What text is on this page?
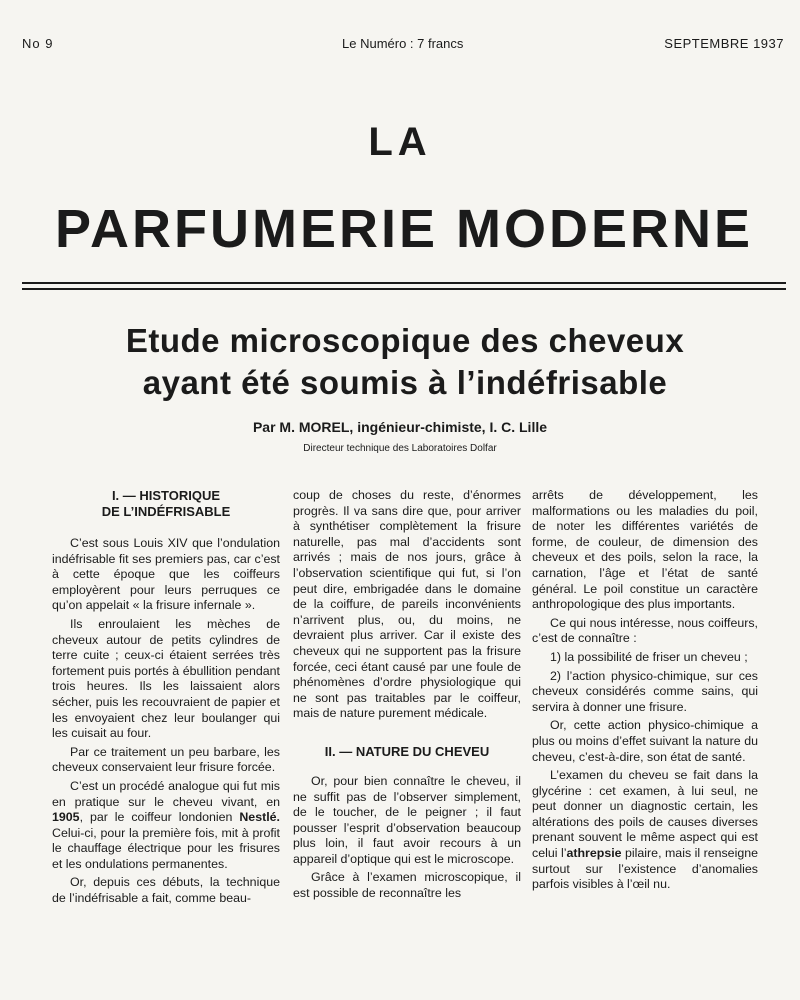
No 9	Le Numéro : 7 francs	SEPTEMBRE 1937
LA
PARFUMERIE MODERNE
Etude microscopique des cheveux
ayant été soumis à l’indéfrisable
Par M. MOREL, ingénieur-chimiste, I. C. Lille
Directeur technique des Laboratoires Dolfar
I. — HISTORIQUE
DE L’INDÉFRISABLE

C’est sous Louis XIV que l’ondulation indéfrisable fit ses premiers pas, car c’est à cette époque que les coiffeurs employèrent pour leurs perruques ce qu’on appelait « la frisure infernale ».

Ils enroulaient les mèches de cheveux autour de petits cylindres de terre cuite ; ceux-ci étaient serrées très fortement puis portés à ébullition pendant trois heures. Ils les laissaient alors sécher, puis les recouvraient de papier et les envoyaient chez leur boulanger qui les cuisait au four.

Par ce traitement un peu barbare, les cheveux conservaient leur frisure forcée.

C’est un procédé analogue qui fut mis en pratique sur le cheveu vivant, en 1905, par le coiffeur londonien Nestlé. Celui-ci, pour la première fois, mit à profit le chauffage électrique pour les frisures et les ondulations permanentes.

Or, depuis ces débuts, la technique de l’indéfrisable a fait, comme beau-

coup de choses du reste, d’énormes progrès. Il va sans dire que, pour arriver à synthétiser complètement la frisure naturelle, pas mal d’accidents sont arrivés ; mais de nos jours, grâce à l’observation scientifique qui fut, si l’on peut dire, embrigadée dans le domaine de la coiffure, de pareils inconvénients n’arrivent plus, ou, du moins, ne devraient plus arriver. Car il existe des cheveux qui ne supportent pas la frisure forcée, ceci étant causé par une foule de phénomènes d’ordre physiologique qui ne sont pas traitables par le coiffeur, mais de nature purement médicale.

II. — NATURE DU CHEVEU

Or, pour bien connaître le cheveu, il ne suffit pas de l’observer simplement, de le toucher, de le peigner ; il faut pousser l’esprit d’observation beaucoup plus loin, il faut avoir recours à un appareil d’optique qui est le microscope.

Grâce à l’examen microscopique, il est possible de reconnaître les

arrêts de développement, les malformations ou les maladies du poil, de noter les différentes variétés de forme, de couleur, de dimension des cheveux et des poils, selon la race, la carnation, l’âge et l’état de santé général. Le poil constitue un caractère anthropologique des plus importants.

Ce qui nous intéresse, nous coiffeurs, c’est de connaître :

1) la possibilité de friser un cheveu ;

2) l’action physico-chimique, sur ces cheveux considérés comme sains, qui servira à donner une frisure.

Or, cette action physico-chimique a plus ou moins d’effet suivant la nature du cheveu, c’est-à-dire, son état de santé.

L’examen du cheveu se fait dans la glycérine : cet examen, à lui seul, ne peut donner un diagnostic certain, les altérations des poils de causes diverses prenant souvent le même aspect qui est celui l’athrepsie pilaire, mais il renseigne surtout sur l’existence d’anomalies parfois visibles à l’œil nu.
